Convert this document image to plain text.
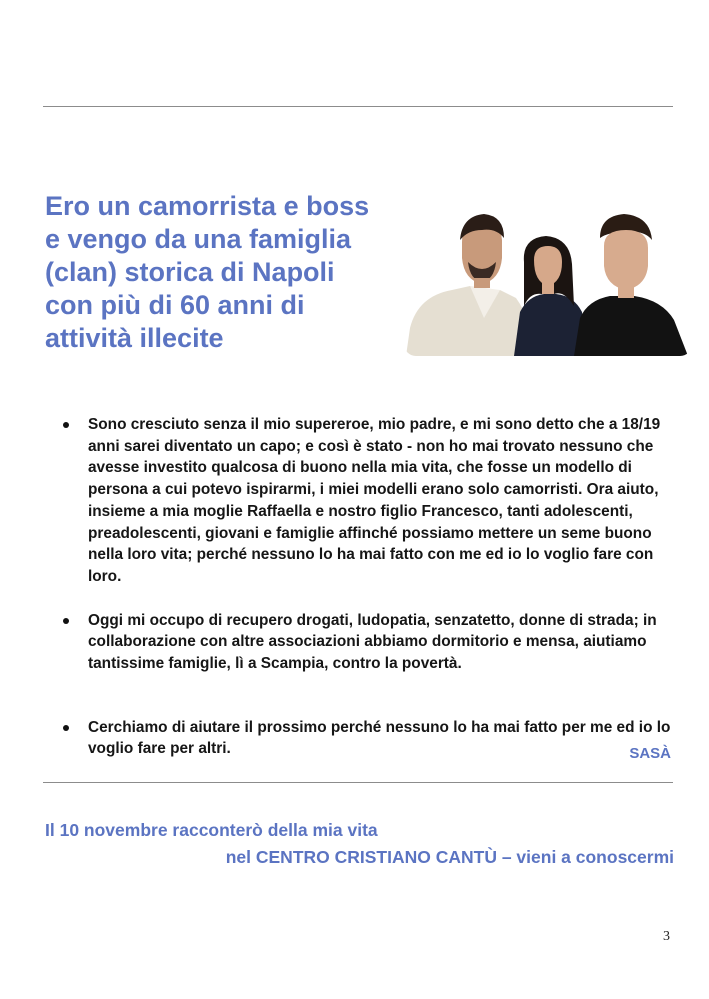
Ero un camorrista e boss
e vengo da una famiglia
(clan) storica di Napoli
con più di 60 anni di
attività illecite
Sono cresciuto senza il mio supereroe, mio padre, e mi sono detto che a 18/19 anni sarei diventato un capo; e così è stato - non ho mai trovato nessuno che avesse investito qualcosa di buono nella mia vita, che fosse un modello di persona a cui potevo ispirarmi, i miei modelli erano solo camorristi. Ora aiuto, insieme a mia moglie Raffaella e nostro figlio Francesco, tanti adolescenti, preadolescenti, giovani e famiglie affinché possiamo mettere un seme buono nella loro vita; perché nessuno lo ha mai fatto con me ed io lo voglio fare con loro.
Oggi mi occupo di recupero drogati, ludopatia, senzatetto, donne di strada; in collaborazione con altre associazioni abbiamo dormitorio e mensa, aiutiamo tantissime famiglie, lì a Scampia, contro la povertà.
Cerchiamo di aiutare il prossimo perché nessuno lo ha mai fatto per me ed io lo voglio fare per altri.	SASÀ
Il 10 novembre racconterò della mia vita
nel CENTRO CRISTIANO CANTÙ – vieni a conoscermi
3
